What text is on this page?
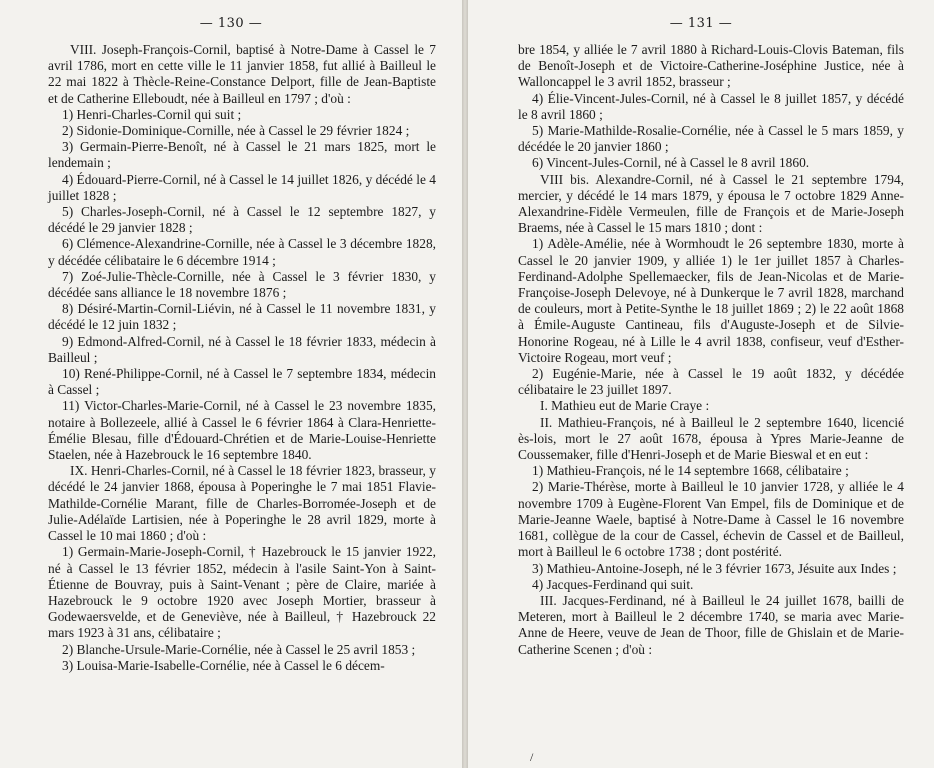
— 130 —

VIII. Joseph-François-Cornil, baptisé à Notre-Dame à Cassel le 7 avril 1786, mort en cette ville le 11 janvier 1858, fut allié à Bailleul le 22 mai 1822 à Thècle-Reine-Constance Delport, fille de Jean-Baptiste et de Catherine Elleboudt, née à Bailleul en 1797 ; d'où :

1) Henri-Charles-Cornil qui suit ;

2) Sidonie-Dominique-Cornille, née à Cassel le 29 février 1824 ;

3) Germain-Pierre-Benoît, né à Cassel le 21 mars 1825, mort le lendemain ;

4) Édouard-Pierre-Cornil, né à Cassel le 14 juillet 1826, y décédé le 4 juillet 1828 ;

5) Charles-Joseph-Cornil, né à Cassel le 12 septembre 1827, y décédé le 29 janvier 1828 ;

6) Clémence-Alexandrine-Cornille, née à Cassel le 3 décembre 1828, y décédée célibataire le 6 décembre 1914 ;

7) Zoé-Julie-Thècle-Cornille, née à Cassel le 3 février 1830, y décédée sans alliance le 18 novembre 1876 ;

8) Désiré-Martin-Cornil-Liévin, né à Cassel le 11 novembre 1831, y décédé le 12 juin 1832 ;

9) Edmond-Alfred-Cornil, né à Cassel le 18 février 1833, médecin à Bailleul ;

10) René-Philippe-Cornil, né à Cassel le 7 septembre 1834, médecin à Cassel ;

11) Victor-Charles-Marie-Cornil, né à Cassel le 23 novembre 1835, notaire à Bollezeele, allié à Cassel le 6 février 1864 à Clara-Henriette-Émélie Blesau, fille d'Édouard-Chrétien et de Marie-Louise-Henriette Staelen, née à Hazebrouck le 16 septembre 1840.

IX. Henri-Charles-Cornil, né à Cassel le 18 février 1823, brasseur, y décédé le 24 janvier 1868, épousa à Poperinghe le 7 mai 1851 Flavie-Mathilde-Cornélie Marant, fille de Charles-Borromée-Joseph et de Julie-Adélaïde Lartisien, née à Poperinghe le 28 avril 1829, morte à Cassel le 10 mai 1860 ; d'où :

1) Germain-Marie-Joseph-Cornil, † Hazebrouck le 15 janvier 1922, né à Cassel le 13 février 1852, médecin à l'asile Saint-Yon à Saint-Étienne de Bouvray, puis à Saint-Venant ; père de Claire, mariée à Hazebrouck le 9 octobre 1920 avec Joseph Mortier, brasseur à Godewaersvelde, et de Geneviève, née à Bailleul, † Hazebrouck 22 mars 1923 à 31 ans, célibataire ;

2) Blanche-Ursule-Marie-Cornélie, née à Cassel le 25 avril 1853 ;

3) Louisa-Marie-Isabelle-Cornélie, née à Cassel le 6 décem-

— 131 —

bre 1854, y alliée le 7 avril 1880 à Richard-Louis-Clovis Bateman, fils de Benoît-Joseph et de Victoire-Catherine-Joséphine Justice, née à Walloncappel le 3 avril 1852, brasseur ;

4) Élie-Vincent-Jules-Cornil, né à Cassel le 8 juillet 1857, y décédé le 8 avril 1860 ;

5) Marie-Mathilde-Rosalie-Cornélie, née à Cassel le 5 mars 1859, y décédée le 20 janvier 1860 ;

6) Vincent-Jules-Cornil, né à Cassel le 8 avril 1860.

VIII bis. Alexandre-Cornil, né à Cassel le 21 septembre 1794, mercier, y décédé le 14 mars 1879, y épousa le 7 octobre 1829 Anne-Alexandrine-Fidèle Vermeulen, fille de François et de Marie-Joseph Braems, née à Cassel le 15 mars 1810 ; dont :

1) Adèle-Amélie, née à Wormhoudt le 26 septembre 1830, morte à Cassel le 20 janvier 1909, y alliée 1) le 1er juillet 1857 à Charles-Ferdinand-Adolphe Spellemaecker, fils de Jean-Nicolas et de Marie-Françoise-Joseph Delevoye, né à Dunkerque le 7 avril 1828, marchand de couleurs, mort à Petite-Synthe le 18 juillet 1869 ; 2) le 22 août 1868 à Émile-Auguste Cantineau, fils d'Auguste-Joseph et de Silvie-Honorine Rogeau, né à Lille le 4 avril 1838, confiseur, veuf d'Esther-Victoire Rogeau, mort veuf ;

2) Eugénie-Marie, née à Cassel le 19 août 1832, y décédée célibataire le 23 juillet 1897.

I. Mathieu eut de Marie Craye :

II. Mathieu-François, né à Bailleul le 2 septembre 1640, licencié ès-lois, mort le 27 août 1678, épousa à Ypres Marie-Jeanne de Coussemaker, fille d'Henri-Joseph et de Marie Bieswal et en eut :

1) Mathieu-François, né le 14 septembre 1668, célibataire ;

2) Marie-Thérèse, morte à Bailleul le 10 janvier 1728, y alliée le 4 novembre 1709 à Eugène-Florent Van Empel, fils de Dominique et de Marie-Jeanne Waele, baptisé à Notre-Dame à Cassel le 16 novembre 1681, collègue de la cour de Cassel, échevin de Cassel et de Bailleul, mort à Bailleul le 6 octobre 1738 ; dont postérité.

3) Mathieu-Antoine-Joseph, né le 3 février 1673, Jésuite aux Indes ;

4) Jacques-Ferdinand qui suit.

III. Jacques-Ferdinand, né à Bailleul le 24 juillet 1678, bailli de Meteren, mort à Bailleul le 2 décembre 1740, se maria avec Marie-Anne de Heere, veuve de Jean de Thoor, fille de Ghislain et de Marie-Catherine Scenen ; d'où :

/
